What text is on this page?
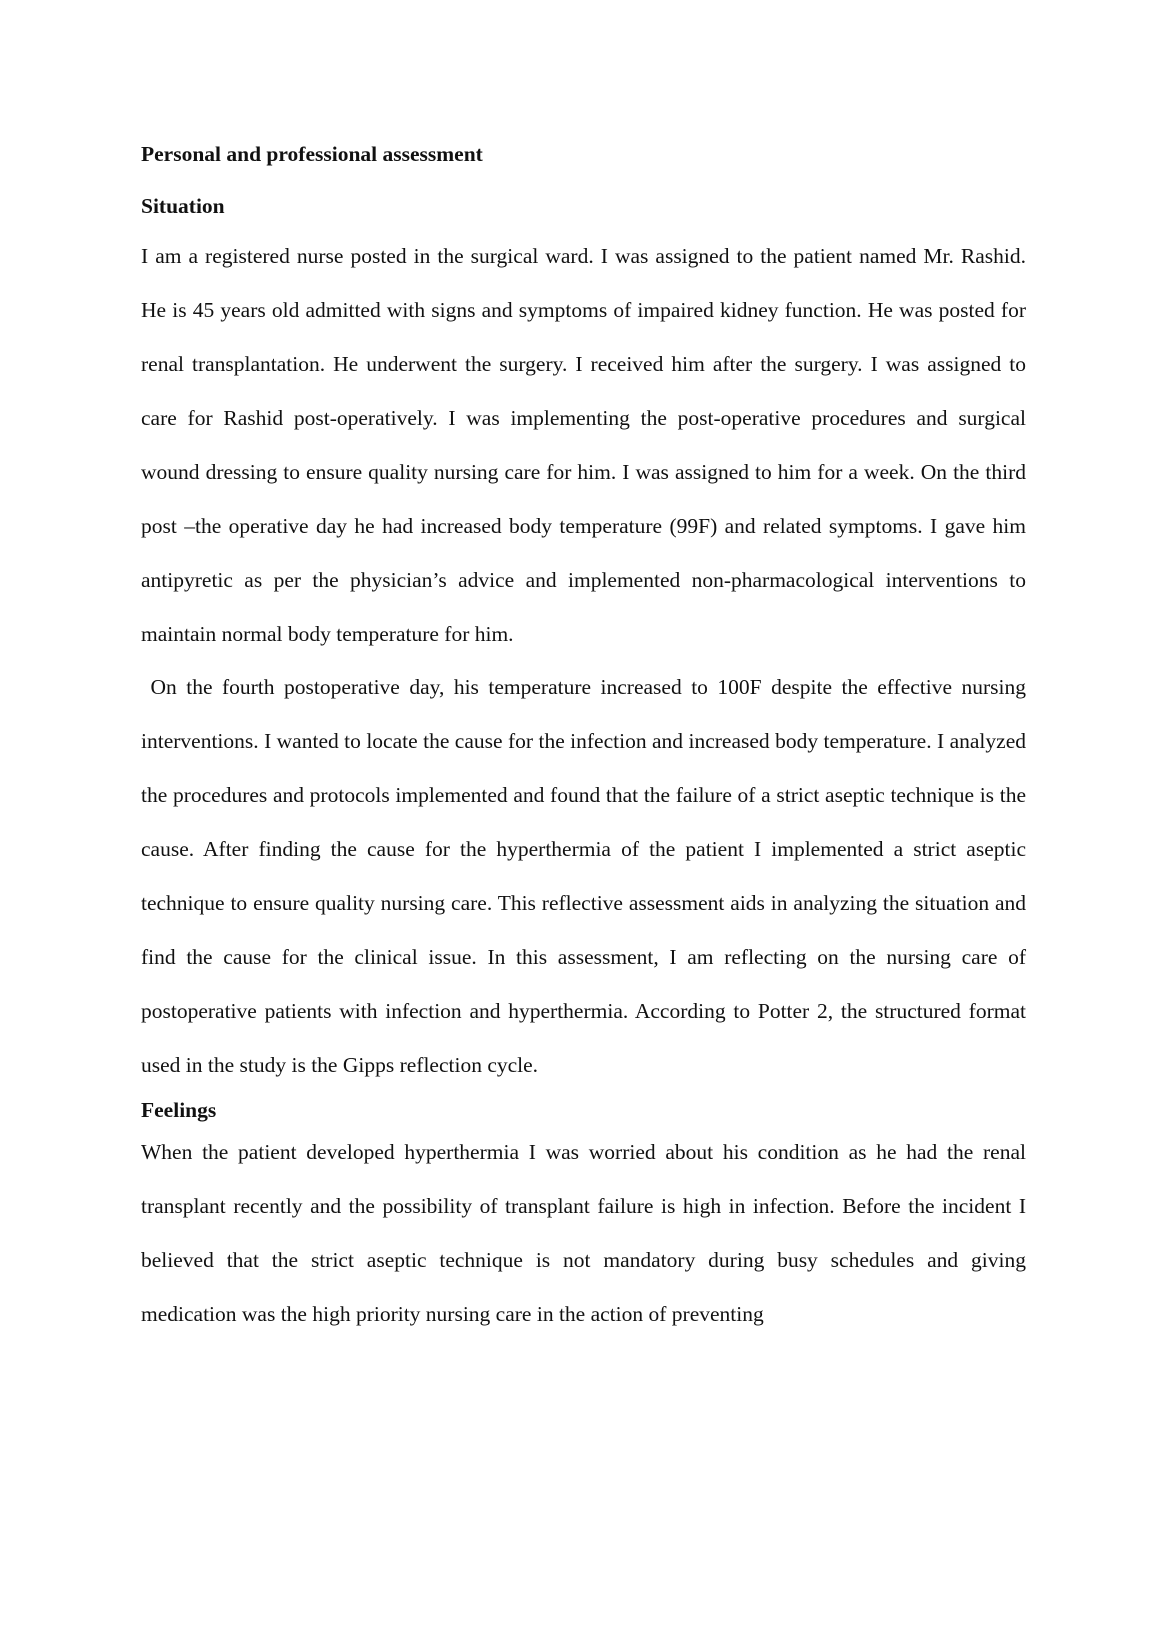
Personal and professional assessment
Situation

I am a registered nurse posted in the surgical ward. I was assigned to the patient named Mr. Rashid. He is 45 years old admitted with signs and symptoms of impaired kidney function. He was posted for renal transplantation. He underwent the surgery. I received him after the surgery. I was assigned to care for Rashid post-operatively. I was implementing the post-operative procedures and surgical wound dressing to ensure quality nursing care for him. I was assigned to him for a week. On the third post –the operative day he had increased body temperature (99F) and related symptoms. I gave him antipyretic as per the physician’s advice and implemented non-pharmacological interventions to maintain normal body temperature for him.

On the fourth postoperative day, his temperature increased to 100F despite the effective nursing interventions. I wanted to locate the cause for the infection and increased body temperature. I analyzed the procedures and protocols implemented and found that the failure of a strict aseptic technique is the cause. After finding the cause for the hyperthermia of the patient I implemented a strict aseptic technique to ensure quality nursing care. This reflective assessment aids in analyzing the situation and find the cause for the clinical issue. In this assessment, I am reflecting on the nursing care of postoperative patients with infection and hyperthermia. According to Potter 2, the structured format used in the study is the Gipps reflection cycle.

Feelings

When the patient developed hyperthermia I was worried about his condition as he had the renal transplant recently and the possibility of transplant failure is high in infection. Before the incident I believed that the strict aseptic technique is not mandatory during busy schedules and giving medication was the high priority nursing care in the action of preventing
